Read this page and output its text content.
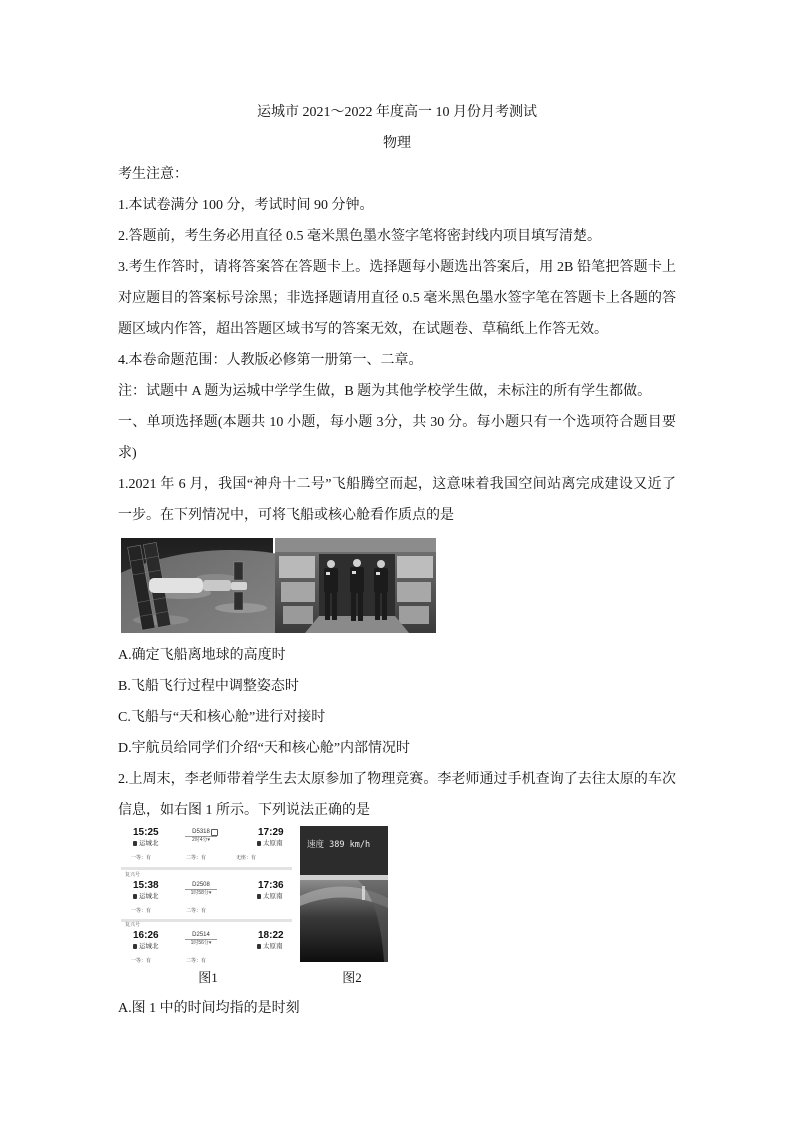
运城市 2021～2022 年度高一 10 月份月考测试

物理

考生注意：

1.本试卷满分 100 分，考试时间 90 分钟。

2.答题前，考生务必用直径 0.5 毫米黑色墨水签字笔将密封线内项目填写清楚。

3.考生作答时，请将答案答在答题卡上。选择题每小题选出答案后，用 2B 铅笔把答题卡上对应题目的答案标号涂黑；非选择题请用直径 0.5 毫米黑色墨水签字笔在答题卡上各题的答题区域内作答，超出答题区域书写的答案无效，在试题卷、草稿纸上作答无效。

4.本卷命题范围：人教版必修第一册第一、二章。

注：试题中 A 题为运城中学学生做，B 题为其他学校学生做，未标注的所有学生都做。

一、单项选择题(本题共 10 小题，每小题 3分，共 30 分。每小题只有一个选项符合题目要求)

1.2021 年 6 月，我国“神舟十二号”飞船腾空而起，这意味着我国空间站离完成建设又近了一步。在下列情况中，可将飞船或核心舱看作质点的是

A.确定飞船离地球的高度时

B.飞船飞行过程中调整姿态时

C.飞船与“天和核心舱”进行对接时

D.宇航员给同学们介绍“天和核心舱”内部情况时

2.上周末，李老师带着学生去太原参加了物理竞赛。李老师通过手机查询了去往太原的车次信息，如右图 1 所示。下列说法正确的是

15:25	D5318
2时4分▾
17:29
运城北	太原南
一等：有	二等：有	无座：有
复兴号
15:38	D2508
1时58分▾
17:36
运城北	太原南
一等：有	二等：有
复兴号
16:26	D2514
1时56分▾
18:22
运城北	太原南
一等：有	二等：有
速度 389 km/h
图1	图2

A.图 1 中的时间均指的是时刻
